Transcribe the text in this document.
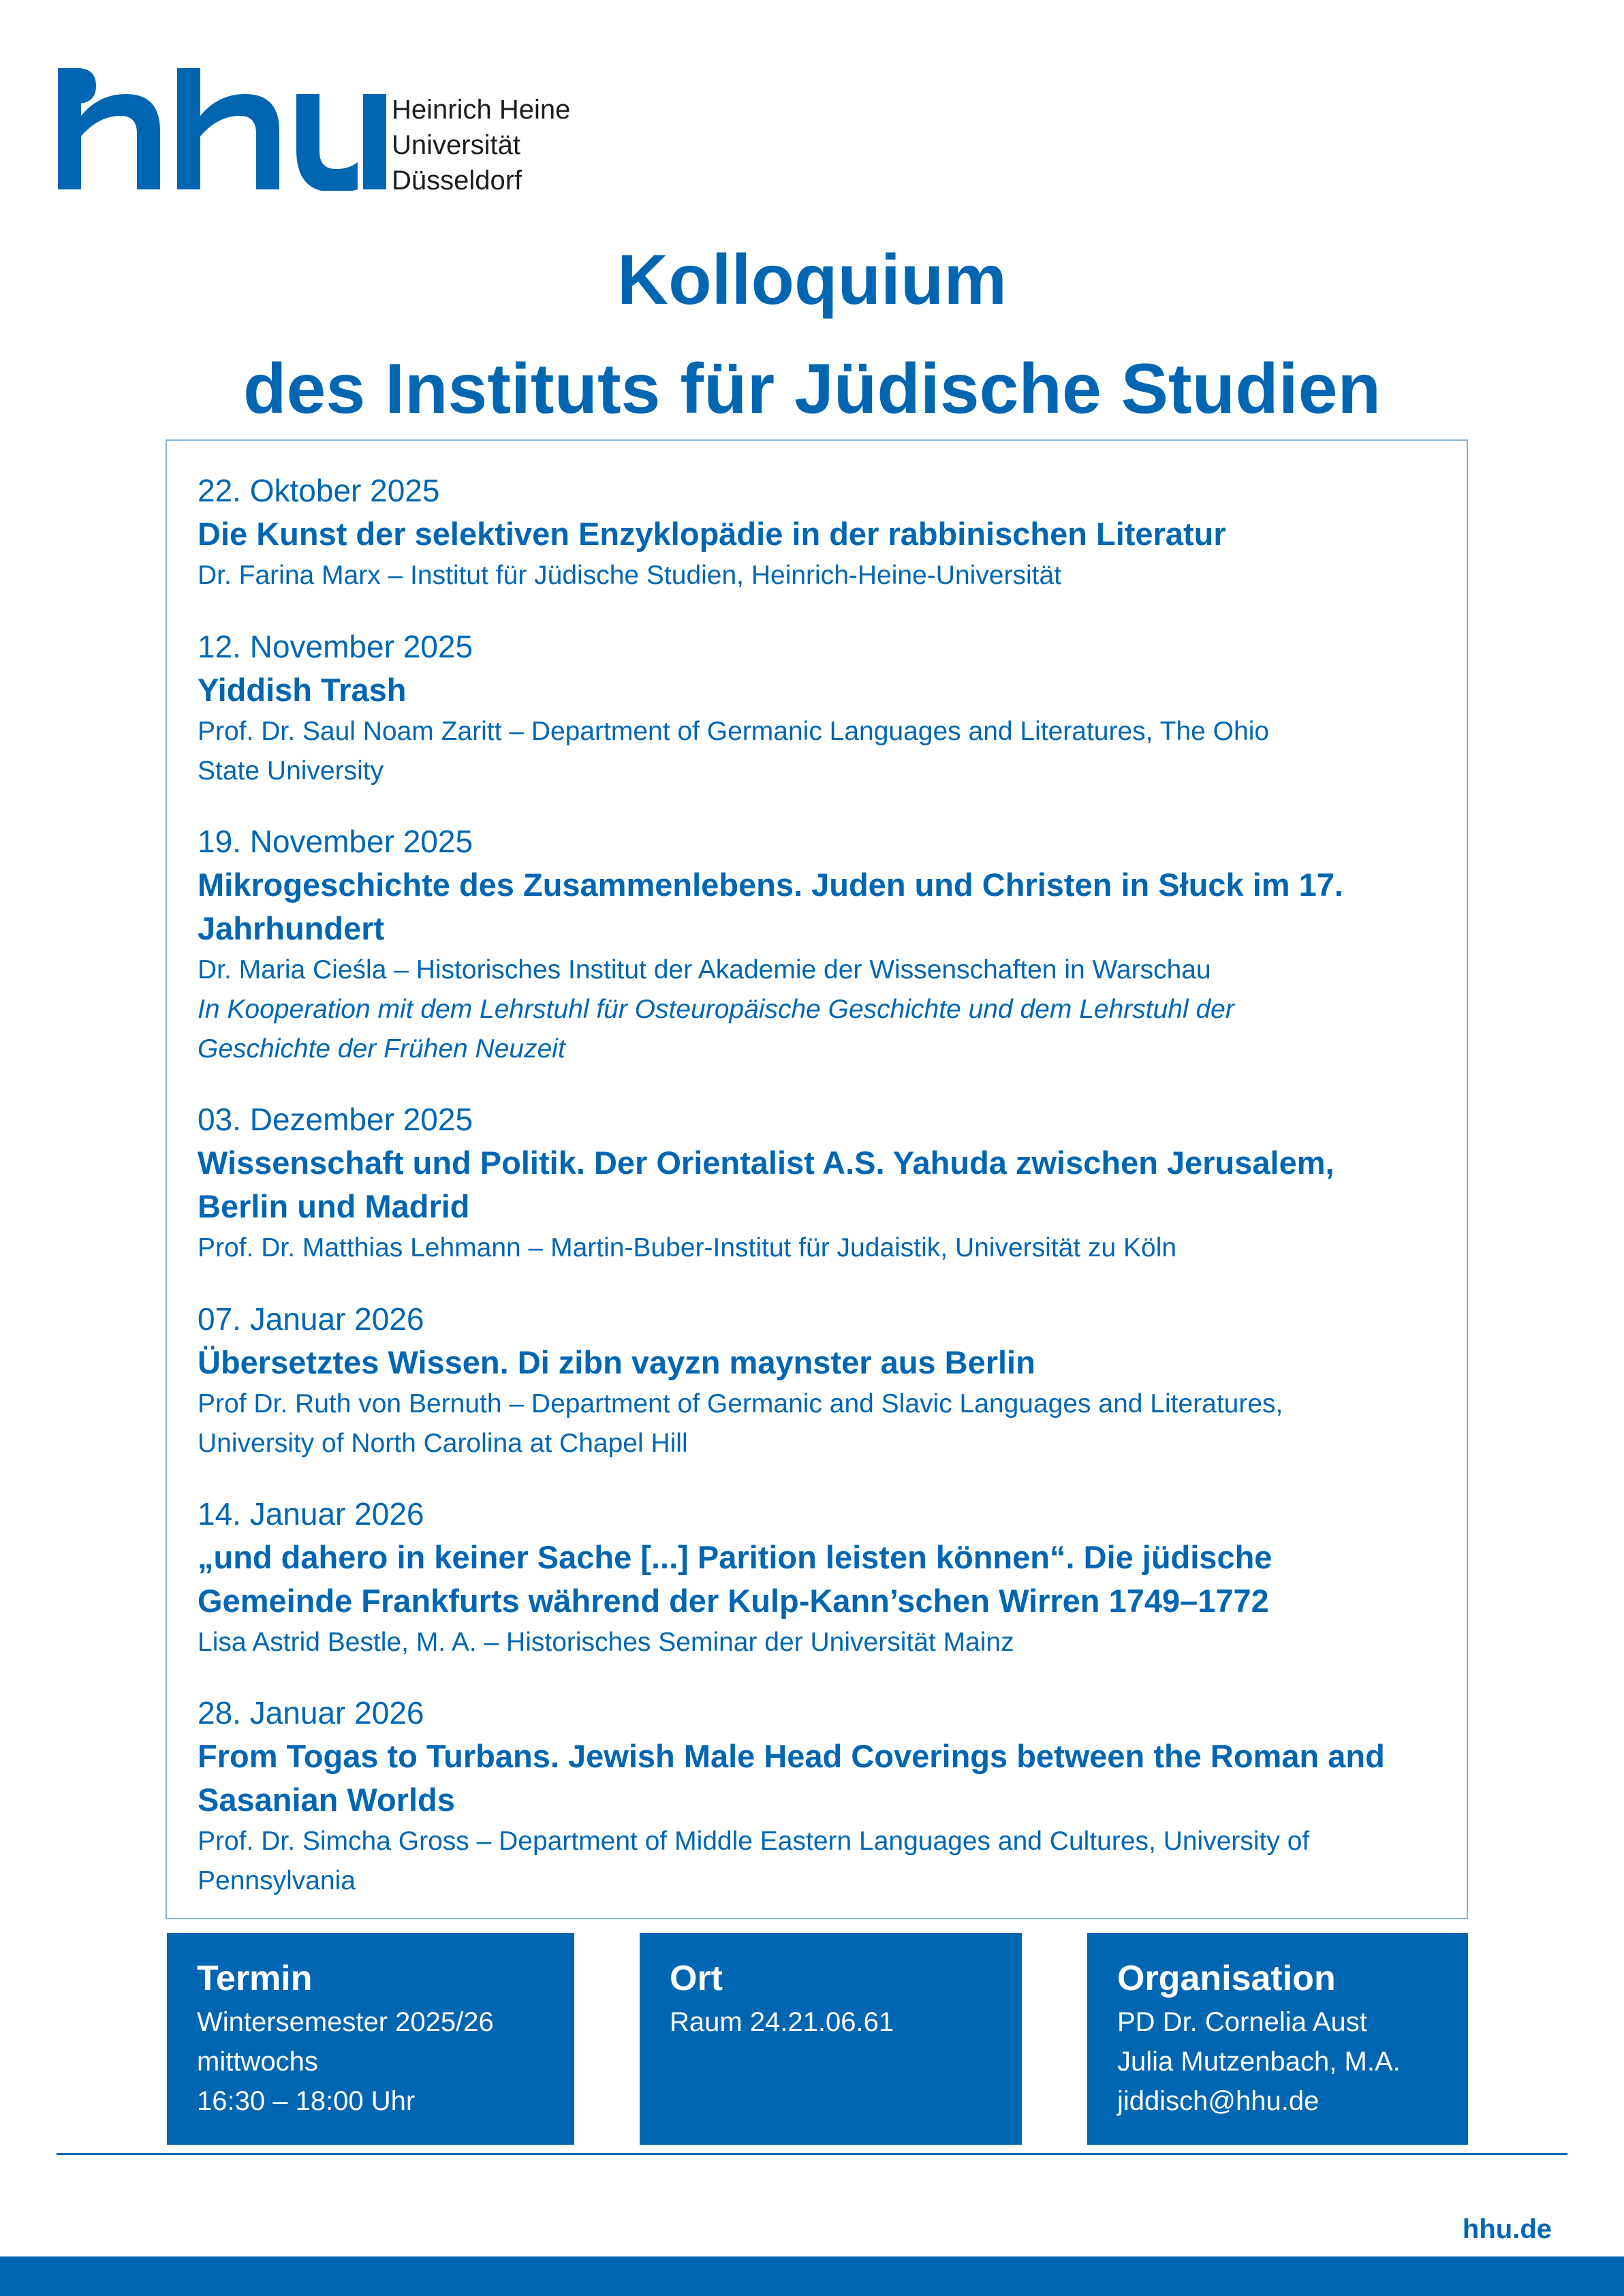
Heinrich Heine
Universität
Düsseldorf
Kolloquium
des Instituts für Jüdische Studien
22. Oktober 2025
Die Kunst der selektiven Enzyklopädie in der rabbinischen Literatur
Dr. Farina Marx – Institut für Jüdische Studien, Heinrich-Heine-Universität
12. November 2025
Yiddish Trash
Prof. Dr. Saul Noam Zaritt – Department of Germanic Languages and Literatures, The Ohio
State University
19. November 2025
Mikrogeschichte des Zusammenlebens. Juden und Christen in Słuck im 17.
Jahrhundert
Dr. Maria Cieśla – Historisches Institut der Akademie der Wissenschaften in Warschau
In Kooperation mit dem Lehrstuhl für Osteuropäische Geschichte und dem Lehrstuhl der
Geschichte der Frühen Neuzeit
03. Dezember 2025
Wissenschaft und Politik. Der Orientalist A.S. Yahuda zwischen Jerusalem,
Berlin und Madrid
Prof. Dr. Matthias Lehmann – Martin-Buber-Institut für Judaistik, Universität zu Köln
07. Januar 2026
Übersetztes Wissen. Di zibn vayzn maynster aus Berlin
Prof Dr. Ruth von Bernuth – Department of Germanic and Slavic Languages and Literatures,
University of North Carolina at Chapel Hill
14. Januar 2026
„und dahero in keiner Sache [...] Parition leisten können“. Die jüdische
Gemeinde Frankfurts während der Kulp-Kann’schen Wirren 1749–1772
Lisa Astrid Bestle, M. A. – Historisches Seminar der Universität Mainz
28. Januar 2026
From Togas to Turbans. Jewish Male Head Coverings between the Roman and
Sasanian Worlds
Prof. Dr. Simcha Gross – Department of Middle Eastern Languages and Cultures, University of
Pennsylvania
Termin
Wintersemester 2025/26
mittwochs
16:30 – 18:00 Uhr
Ort
Raum 24.21.06.61
Organisation
PD Dr. Cornelia Aust
Julia Mutzenbach, M.A.
jiddisch@hhu.de
hhu.de
